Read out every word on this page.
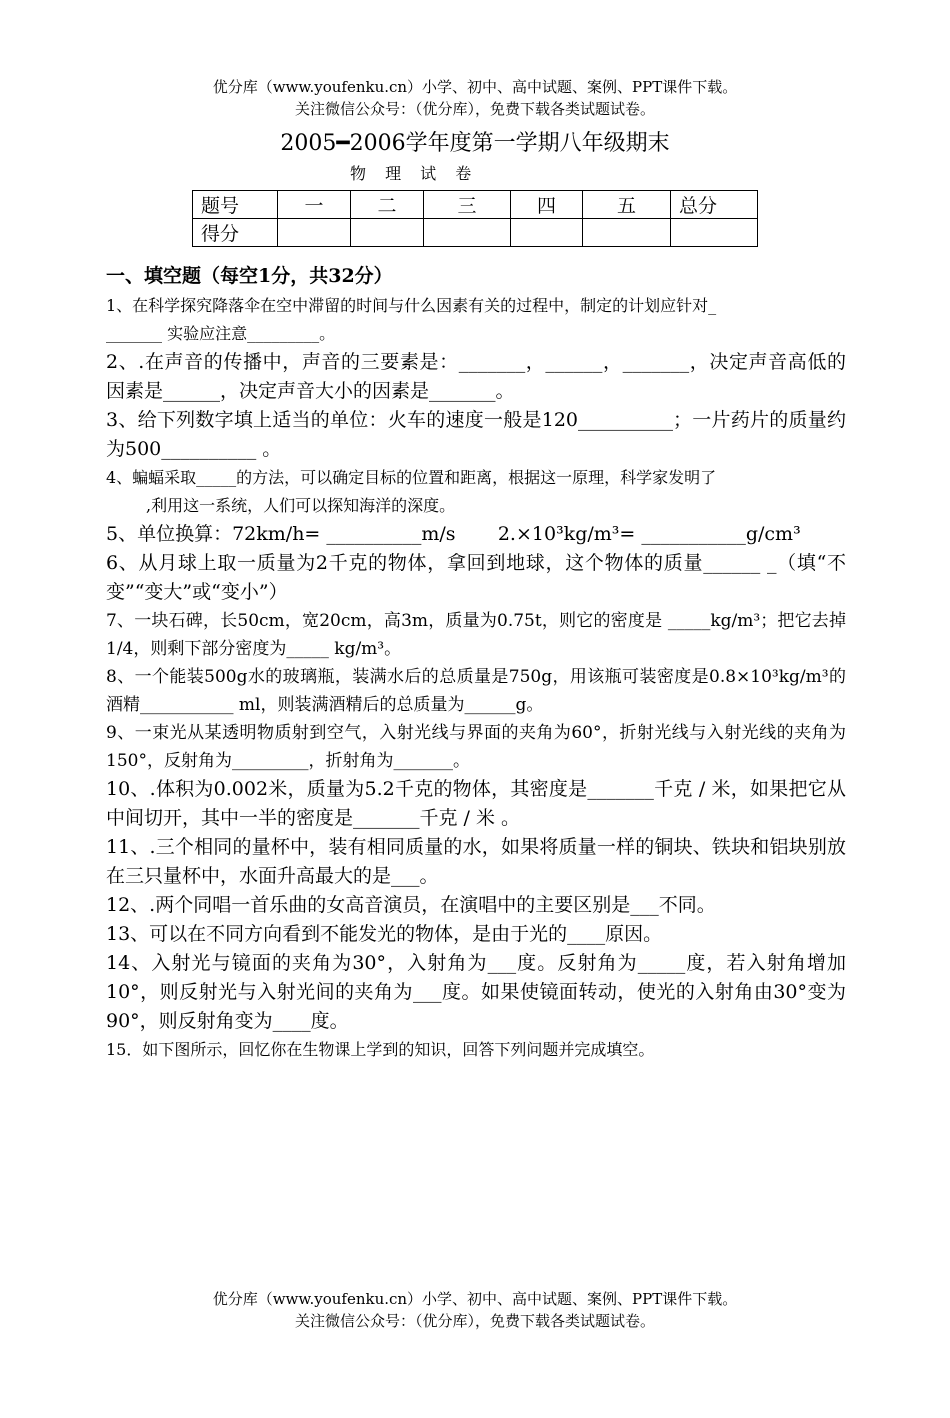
优分库（www.youfenku.cn）小学、初中、高中试题、案例、PPT课件下载。
关注微信公众号：（优分库），免费下载各类试题试卷。
2005━2006学年度第一学期八年级期末
物 理 试 卷
题号	一	二	三	四	五	总分
得分						
一、填空题（每空1分，共32分）
1、在科学探究降落伞在空中滞留的时间与什么因素有关的过程中，制定的计划应针对_
_______ 实验应注意_________。
2、.在声音的传播中，声音的三要素是：_______，______，_______，决定声音高低的因素是______，决定声音大小的因素是_______。
3、给下列数字填上适当的单位：火车的速度一般是120__________；一片药片的质量约为500__________ 。
4、蝙蝠采取_____的方法，可以确定目标的位置和距离，根据这一原理，科学家发明了
,利用这一系统，人们可以探知海洋的深度。
5、单位换算：72km/h= __________m/s       2.×10³kg/m³= ___________g/cm³
6、从月球上取一质量为2千克的物体，拿回到地球，这个物体的质量______ _（填“不变”“变大”或“变小”）
7、一块石碑，长50cm，宽20cm，高3m，质量为0.75t，则它的密度是 _____kg/m³；把它去掉1/4，则剩下部分密度为_____ kg/m³。
8、一个能装500g水的玻璃瓶，装满水后的总质量是750g，用该瓶可装密度是0.8×10³kg/m³的酒精___________ ml，则装满酒精后的总质量为______g。
9、一束光从某透明物质射到空气，入射光线与界面的夹角为60°，折射光线与入射光线的夹角为150°，反射角为_________，折射角为_______。
10、.体积为0.002米，质量为5.2千克的物体，其密度是_______千克 / 米，如果把它从中间切开，其中一半的密度是_______千克 / 米 。
11、.三个相同的量杯中，装有相同质量的水，如果将质量一样的铜块、铁块和铝块别放在三只量杯中，水面升高最大的是___。
12、.两个同唱一首乐曲的女高音演员，在演唱中的主要区别是___不同。
13、可以在不同方向看到不能发光的物体，是由于光的____原因。
14、入射光与镜面的夹角为30°，入射角为___度。反射角为_____度，若入射角增加10°，则反射光与入射光间的夹角为___度。如果使镜面转动，使光的入射角由30°变为90°，则反射角变为____度。
15．如下图所示，回忆你在生物课上学到的知识，回答下列问题并完成填空。
优分库（www.youfenku.cn）小学、初中、高中试题、案例、PPT课件下载。
关注微信公众号：（优分库），免费下载各类试题试卷。
